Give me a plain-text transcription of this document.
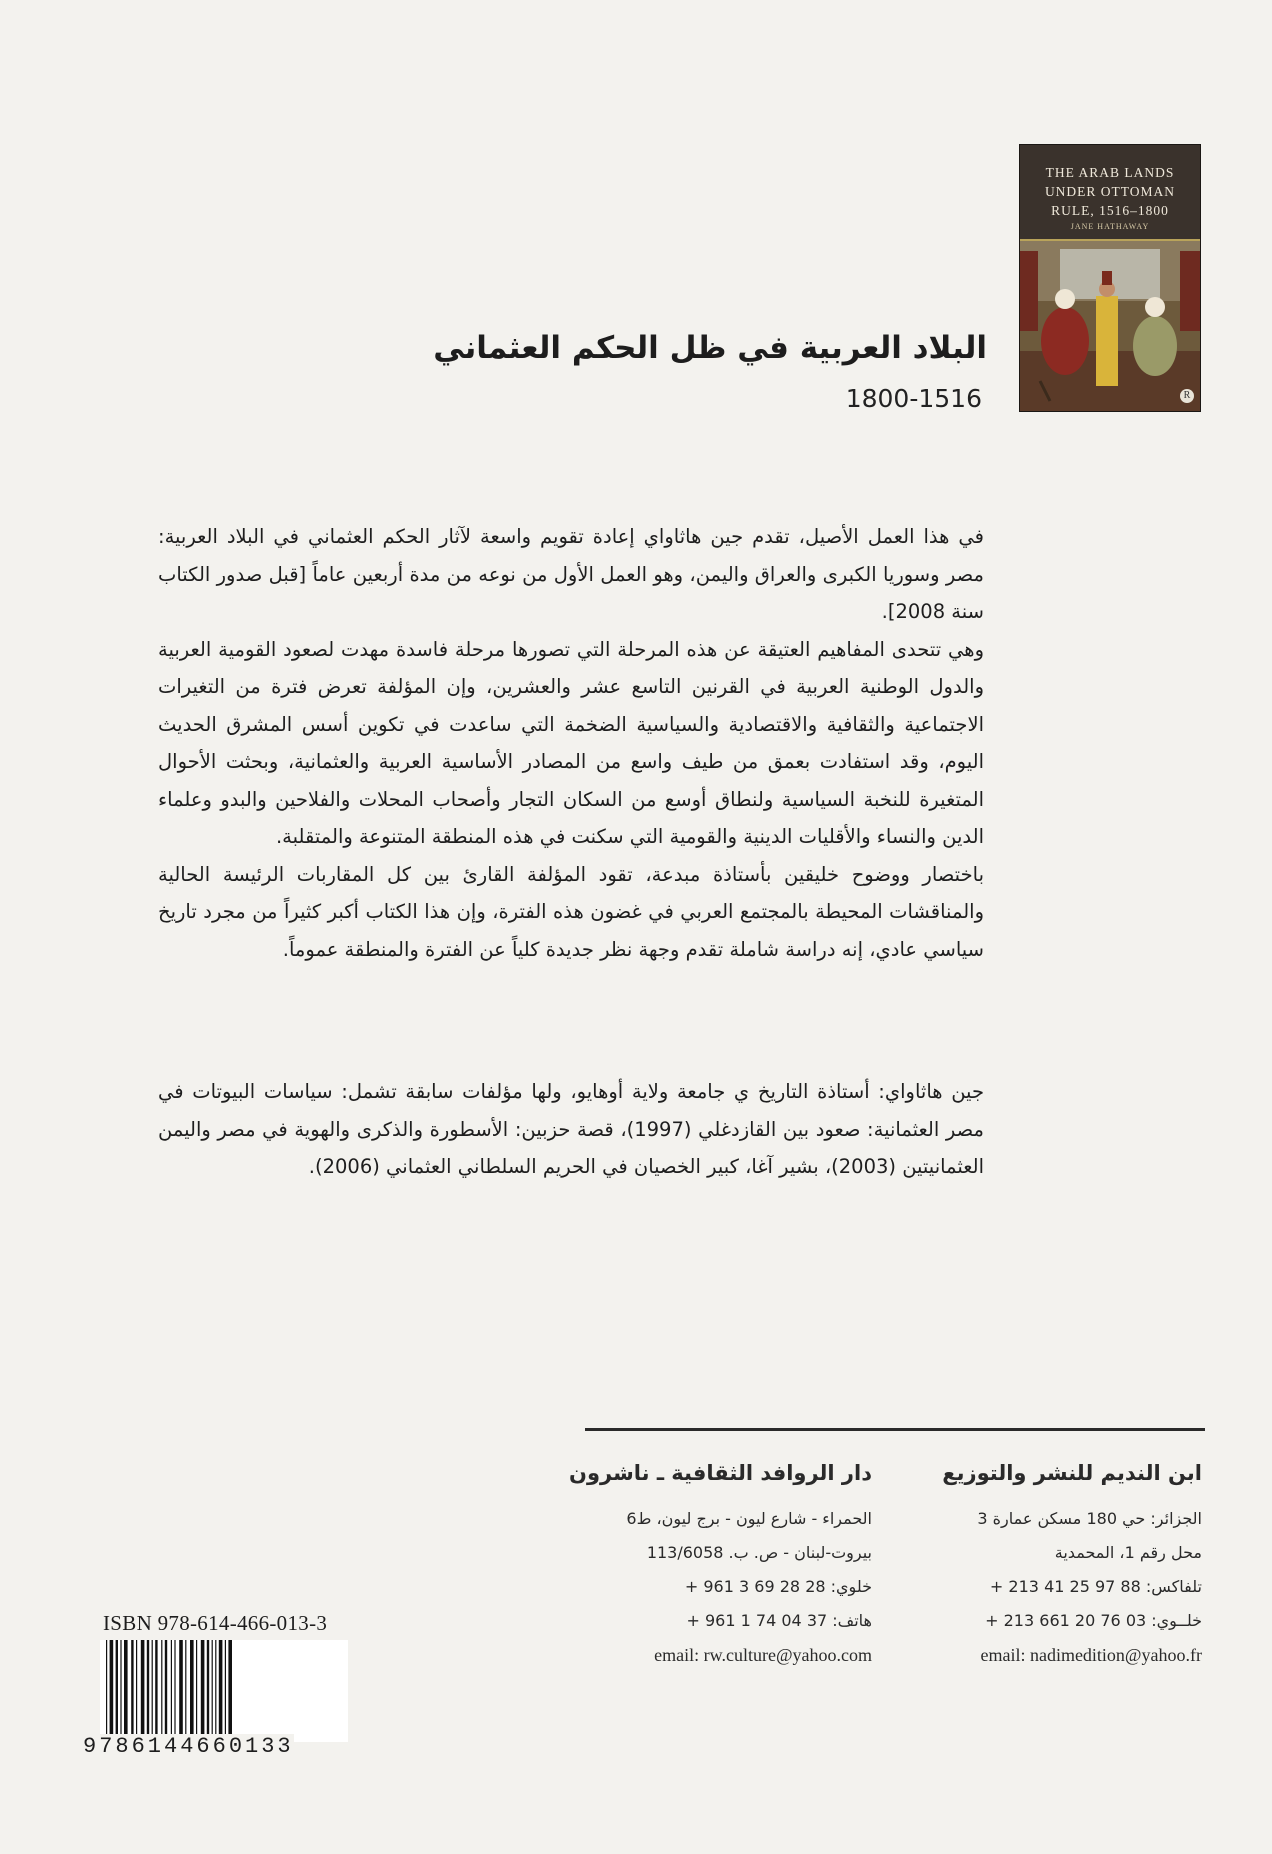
THE ARAB LANDS
UNDER OTTOMAN
RULE, 1516–1800

JANE HATHAWAY
R
البلاد العربية في ظل الحكم العثماني
1800-1516

في هذا العمل الأصيل، تقدم جين هاثاواي إعادة تقويم واسعة لآثار الحكم العثماني في البلاد العربية: مصر وسوريا الكبرى والعراق واليمن، وهو العمل الأول من نوعه من مدة أربعين عاماً [قبل صدور الكتاب سنة 2008].

وهي تتحدى المفاهيم العتيقة عن هذه المرحلة التي تصورها مرحلة فاسدة مهدت لصعود القومية العربية والدول الوطنية العربية في القرنين التاسع عشر والعشرين، وإن المؤلفة تعرض فترة من التغيرات الاجتماعية والثقافية والاقتصادية والسياسية الضخمة التي ساعدت في تكوين أسس المشرق الحديث اليوم، وقد استفادت بعمق من طيف واسع من المصادر الأساسية العربية والعثمانية، وبحثت الأحوال المتغيرة للنخبة السياسية ولنطاق أوسع من السكان التجار وأصحاب المحلات والفلاحين والبدو وعلماء الدين والنساء والأقليات الدينية والقومية التي سكنت في هذه المنطقة المتنوعة والمتقلبة.

باختصار ووضوح خليقين بأستاذة مبدعة، تقود المؤلفة القارئ بين كل المقاربات الرئيسة الحالية والمناقشات المحيطة بالمجتمع العربي في غضون هذه الفترة، وإن هذا الكتاب أكبر كثيراً من مجرد تاريخ سياسي عادي، إنه دراسة شاملة تقدم وجهة نظر جديدة كلياً عن الفترة والمنطقة عموماً.

جين هاثاواي: أستاذة التاريخ ي جامعة ولاية أوهايو، ولها مؤلفات سابقة تشمل: سياسات البيوتات في مصر العثمانية: صعود بين القازدغلي (1997)، قصة حزبين: الأسطورة والذكرى والهوية في مصر واليمن العثمانيتين (2003)، بشير آغا، كبير الخصيان في الحريم السلطاني العثماني (2006).

ابن النديم للنشر والتوزيع
الجزائر: حي 180 مسكن عمارة 3
محل رقم 1، المحمدية
تلفاكس: 88 97 25 41 213 +
خلــوي: 03 76 20 661 213 +
email: nadimedition@yahoo.fr
دار الروافد الثقافية ـ ناشرون
الحمراء - شارع ليون - برج ليون، ط6
بيروت-لبنان - ص. ب. 113/6058
خلوي: 28 28 69 3 961 +
هاتف: 37 04 74 1 961 +
email: rw.culture@yahoo.com
ISBN 978-614-466-013-3
9786144660133
